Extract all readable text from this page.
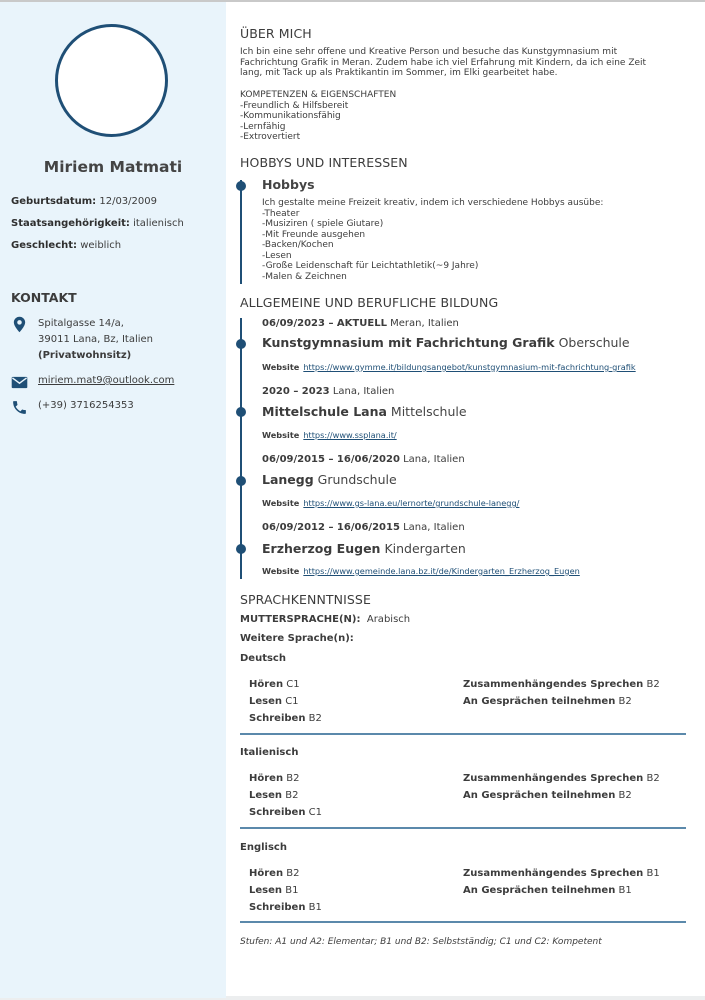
Miriem Matmati
Geburtsdatum: 12/03/2009
Staatsangehörigkeit: italienisch
Geschlecht: weiblich
KONTAKT
Spitalgasse 14/a,
39011 Lana, Bz, Italien
(Privatwohnsitz)
miriem.mat9@outlook.com
(+39) 3716254353
ÜBER MICH
Ich bin eine sehr offene und Kreative Person und besuche das Kunstgymnasium mit
Fachrichtung Grafik in Meran. Zudem habe ich viel Erfahrung mit Kindern, da ich eine Zeit
lang, mit Tack up als Praktikantin im Sommer, im Elki gearbeitet habe.
KOMPETENZEN & EIGENSCHAFTEN
-Freundlich & Hilfsbereit
-Kommunikationsfähig
-Lernfähig
-Extrovertiert
HOBBYS UND INTERESSEN
Hobbys
Ich gestalte meine Freizeit kreativ, indem ich verschiedene Hobbys ausübe:
-Theater
-Musiziren ( spiele Giutare)
-Mit Freunde ausgehen
-Backen/Kochen
-Lesen
-Große Leidenschaft für Leichtathletik(~9 Jahre)
-Malen & Zeichnen
ALLGEMEINE UND BERUFLICHE BILDUNG
06/09/2023 – AKTUELL Meran, Italien
Kunstgymnasium mit Fachrichtung Grafik Oberschule
Website https://www.gymme.it/bildungsangebot/kunstgymnasium-mit-fachrichtung-grafik
2020 – 2023 Lana, Italien
Mittelschule Lana Mittelschule
Website https://www.ssplana.it/
06/09/2015 – 16/06/2020 Lana, Italien
Lanegg Grundschule
Website https://www.gs-lana.eu/lernorte/grundschule-lanegg/
06/09/2012 – 16/06/2015 Lana, Italien
Erzherzog Eugen Kindergarten
Website https://www.gemeinde.lana.bz.it/de/Kindergarten_Erzherzog_Eugen
SPRACHKENNTNISSE
MUTTERSPRACHE(N): Arabisch
Weitere Sprache(n):
Deutsch
Hören C1
Lesen C1
Schreiben B2
Zusammenhängendes Sprechen B2
An Gesprächen teilnehmen B2
Italienisch
Hören B2
Lesen B2
Schreiben C1
Zusammenhängendes Sprechen B2
An Gesprächen teilnehmen B2
Englisch
Hören B2
Lesen B1
Schreiben B1
Zusammenhängendes Sprechen B1
An Gesprächen teilnehmen B1
Stufen: A1 und A2: Elementar; B1 und B2: Selbstständig; C1 und C2: Kompetent
